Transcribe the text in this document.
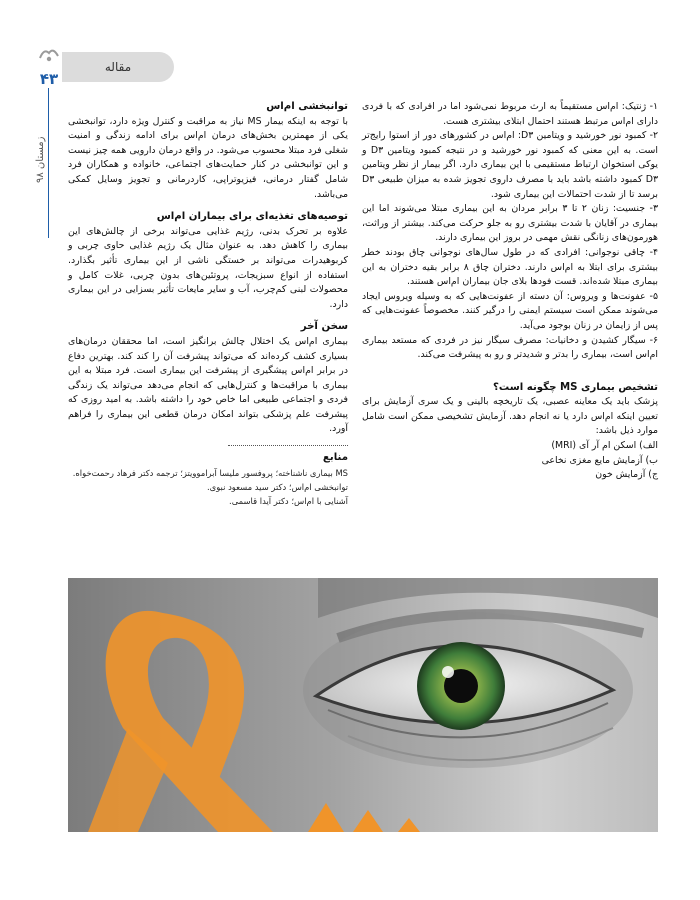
مقاله
۴۳
زمستان ۹۸

۱- ژنتیک: ام‌اس مستقیماً به ارث مربوط نمی‌شود اما در افرادی که با فردی دارای ام‌اس مرتبط هستند احتمال ابتلای بیشتری هست.

۲- کمبود نور خورشید و ویتامین D۳: ام‌اس در کشورهای دور از استوا رایج‌تر است. به این معنی که کمبود نور خورشید و در نتیجه کمبود ویتامین D۳ و یوکی استخوان ارتباط مستقیمی با این بیماری دارد. اگر بیمار از نظر ویتامین D۳ کمبود داشته باشد باید با مصرف داروی تجویز شده به میزان طبیعی D۳ برسد تا از شدت احتمالات این بیماری شود.

۳- جنسیت: زنان ۲ تا ۳ برابر مردان به این بیماری مبتلا می‌شوند اما این بیماری در آقایان با شدت بیشتری رو به جلو حرکت می‌کند. بیشتر از وراثت، هورمون‌های زنانگی نقش مهمی در بروز این بیماری دارند.

۴- چاقی نوجوانی: افرادی که در طول سال‌های نوجوانی چاق بودند خطر بیشتری برای ابتلا به ام‌اس دارند. دختران چاق ۸ برابر بقیه دختران به این بیماری مبتلا شده‌اند. قست فودها بلای جان بیماران ام‌اس هستند.

۵- عفونت‌ها و ویروس: آن دسته از عفونت‌هایی که به وسیله ویروس ایجاد می‌شوند ممکن است سیستم ایمنی را درگیر کنند. مخصوصاً عفونت‌هایی که پس از زایمان در زنان بوجود می‌آید.

۶- سیگار کشیدن و دخانیات: مصرف سیگار نیز در فردی که مستعد بیماری ام‌اس است، بیماری را بدتر و شدیدتر و رو به پیشرفت می‌کند.

تشخیص بیماری MS چگونه است؟

پزشک باید یک معاینه عصبی، یک تاریخچه بالینی و یک سری آزمایش برای تعیین اینکه ام‌اس دارد یا نه انجام دهد. آزمایش تشخیصی ممکن است شامل موارد ذیل باشد:

الف) اسکن ام آر آی (MRI)

ب) آزمایش مایع مغزی نخاعی

ج) آزمایش خون

توانبخشی ام‌اس

با توجه به اینکه بیمار MS نیاز به مراقبت و کنترل ویژه دارد، توانبخشی یکی از مهمترین بخش‌های درمان ام‌اس برای ادامه زندگی و امنیت شغلی فرد مبتلا محسوب می‌شود. در واقع درمان دارویی همه چیز نیست و این توانبخشی در کنار حمایت‌های اجتماعی، خانواده و همکاران فرد شامل گفتار درمانی، فیزیوتراپی، کاردرمانی و تجویز وسایل کمکی می‌باشد.

توصیه‌های تغذیه‌ای برای بیماران ام‌اس

علاوه بر تحرک بدنی، رژیم غذایی می‌تواند برخی از چالش‌های این بیماری را کاهش دهد. به عنوان مثال یک رژیم غذایی حاوی چربی و کربوهیدرات می‌تواند بر خستگی ناشی از این بیماری تأثیر بگذارد. استفاده از انواع سبزیجات، پروتئین‌های بدون چربی، غلات کامل و محصولات لبنی کم‌چرب، آب و سایر مایعات تأثیر بسزایی در این بیماری دارد.

سخن آخر

بیماری ام‌اس یک اختلال چالش برانگیز است، اما محققان درمان‌های بسیاری کشف کرده‌اند که می‌تواند پیشرفت آن را کند کند. بهترین دفاع در برابر ام‌اس پیشگیری از پیشرفت این بیماری است. فرد مبتلا به این بیماری با مراقبت‌ها و کنترل‌هایی که انجام می‌دهد می‌تواند یک زندگی فردی و اجتماعی طبیعی اما خاص خود را داشته باشد. به امید روزی که پیشرفت علم پزشکی بتواند امکان درمان قطعی این بیماری را فراهم آورد.

منابع

MS بیماری ناشناخته؛ پروفسور ملیسا آبراموویتز؛ ترجمه دکتر فرهاد رحمت‌خواه.

توانبخشی ام‌اس؛ دکتر سید مسعود نبوی.

آشنایی با ام‌اس؛ دکتر آیدا قاسمی.
